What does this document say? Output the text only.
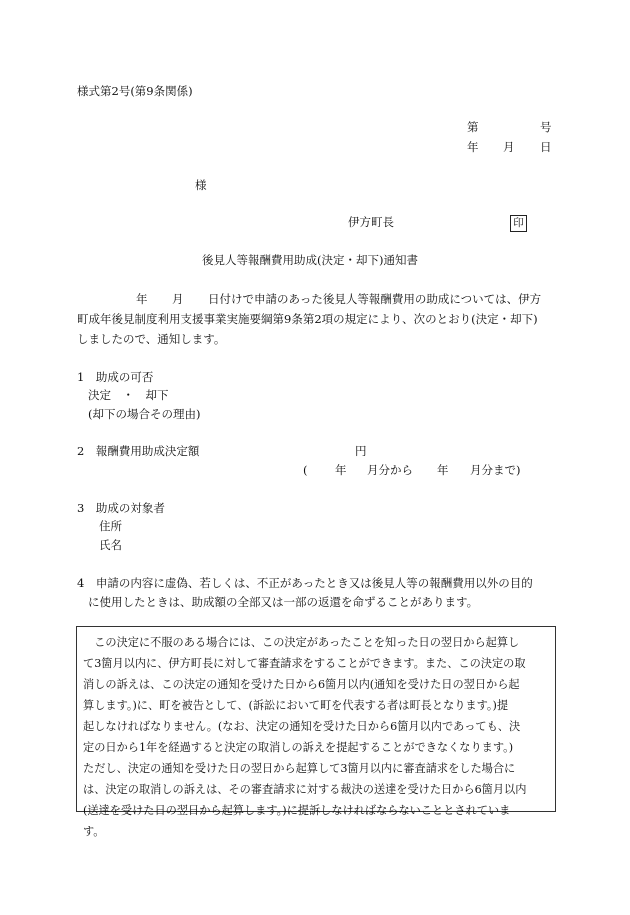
様式第2号(第9条関係)
第	号
年 月 日
様
伊方町長	印
後見人等報酬費用助成(決定・却下)通知書
年 月 日付けで申請のあった後見人等報酬費用の助成については、伊方
町成年後見制度利用支援事業実施要綱第9条第2項の規定により、次のとおり(決定・却下)
しましたので、通知します。
1　助成の可否
決定　・　却下
(却下の場合その理由)
2　報酬費用助成決定額	円
( 年 月分から 年 月分まで)
3　助成の対象者
住所
氏名
4　申請の内容に虚偽、若しくは、不正があったとき又は後見人等の報酬費用以外の目的
に使用したときは、助成額の全部又は一部の返還を命ずることがあります。
　この決定に不服のある場合には、この決定があったことを知った日の翌日から起算し
て3箇月以内に、伊方町長に対して審査請求をすることができます。また、この決定の取
消しの訴えは、この決定の通知を受けた日から6箇月以内(通知を受けた日の翌日から起
算します。)に、町を被告として、(訴訟において町を代表する者は町長となります。)提
起しなければなりません。(なお、決定の通知を受けた日から6箇月以内であっても、決
定の日から1年を経過すると決定の取消しの訴えを提起することができなくなります。)
ただし、決定の通知を受けた日の翌日から起算して3箇月以内に審査請求をした場合に
は、決定の取消しの訴えは、その審査請求に対する裁決の送達を受けた日から6箇月以内
(送達を受けた日の翌日から起算します。)に提訴しなければならないこととされていま
す。
